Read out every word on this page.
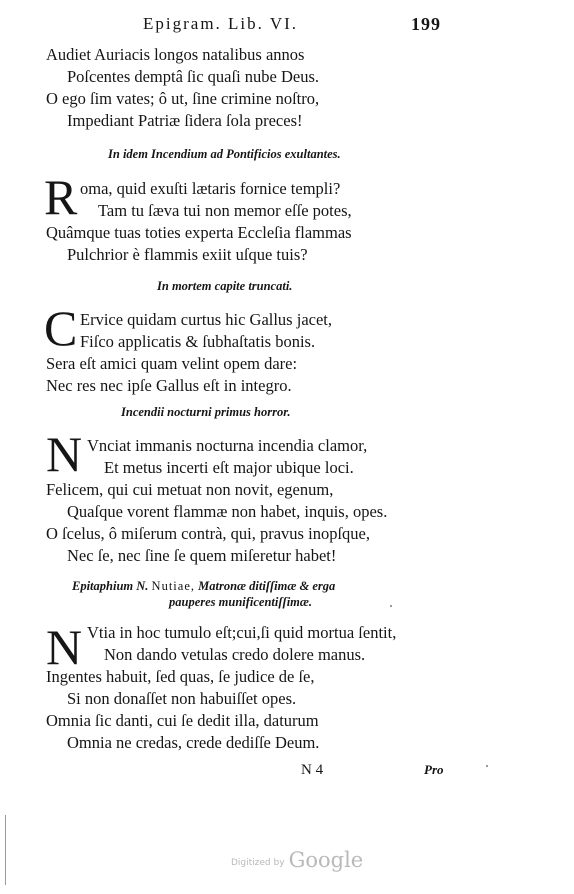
Epigram. Lib. VI.	199
Audiet Auriacis longos natalibus annos
Poſcentes demptâ ſic quaſi nube Deus.
O ego ſim vates; ô ut, ſine crimine noſtro,
Impediant Patriæ ſidera ſola preces!
In idem Incendium ad Pontificios exultantes.
R oma, quid exuſti lætaris fornice templi?
Tam tu ſæva tui non memor eſſe potes,
Quâmque tuas toties experta Eccleſia flammas
Pulchrior è flammis exiit uſque tuis?
In mortem capite truncati.
C Ervice quidam curtus hic Gallus jacet,
Fiſco applicatis & ſubhaſtatis bonis.
Sera eſt amici quam velint opem dare:
Nec res nec ipſe Gallus eſt in integro.
Incendii nocturni primus horror.
N Vnciat immanis nocturna incendia clamor,
Et metus incerti eſt major ubique loci.
Felicem, qui cui metuat non novit, egenum,
Quaſque vorent flammæ non habet, inquis, opes.
O ſcelus, ô miſerum contrà, qui, pravus inopſque,
Nec ſe, nec ſine ſe quem miſeretur habet!
Epitaphium N. Nutiae, Matronæ ditiſſimæ & erga
pauperes munificentiſſimæ.
N Vtia in hoc tumulo eſt;cui,ſi quid mortua ſentit,
Non dando vetulas credo dolere manus.
Ingentes habuit, ſed quas, ſe judice de ſe,
Si non donaſſet non habuiſſet opes.
Omnia ſic danti, cui ſe dedit illa, daturum
Omnia ne credas, crede dediſſe Deum.
N 4	Pro
Digitized by Google
